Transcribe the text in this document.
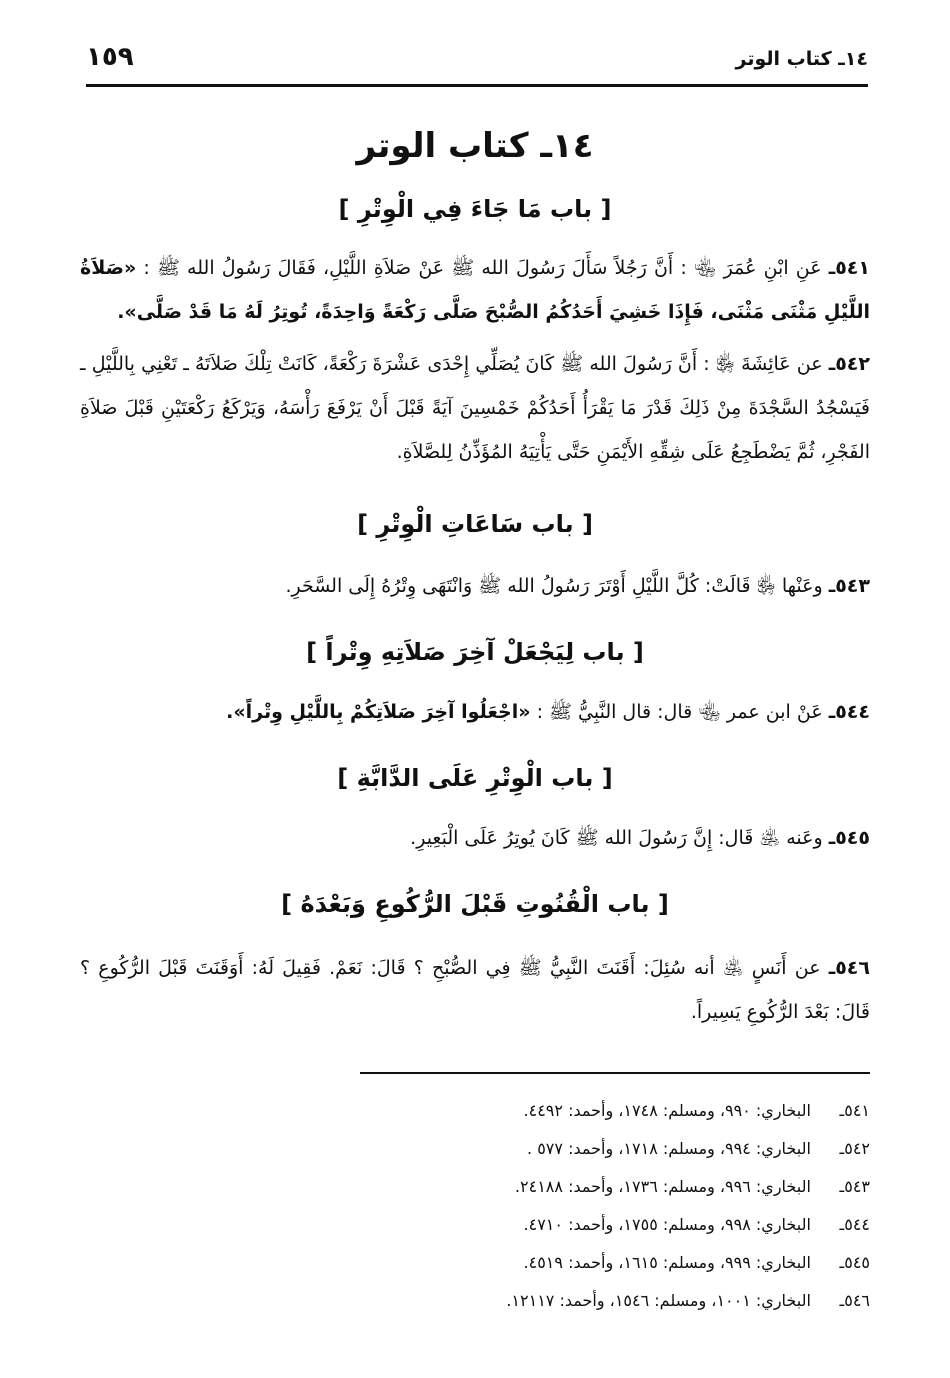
١٤ـ كتاب الوتر
١٥٩
١٤ـ كتاب الوتر
[ باب مَا جَاءَ فِي الْوِتْرِ ]

٥٤١ـ عَنِ ابْنِ عُمَرَ ﵄ : أَنَّ رَجُلاً سَأَلَ رَسُولَ الله ﷺ عَنْ صَلاَةِ اللَّيْلِ، فَقَالَ رَسُولُ الله ﷺ : «صَلاَةُ اللَّيْلِ مَثْنَى مَثْنَى، فَإِذَا خَشِيَ أَحَدُكُمُ الصُّبْحَ صَلَّى رَكْعَةً وَاحِدَةً، تُوتِرُ لَهُ مَا قَدْ صَلَّى».

٥٤٢ـ عن عَائِشَةَ ﵂ : أَنَّ رَسُولَ الله ﷺ كَانَ يُصَلِّي إِحْدَى عَشْرَةَ رَكْعَةً، كَانَتْ تِلْكَ صَلاَتَهُ ـ تَعْنِي بِاللَّيْلِ ـ فَيَسْجُدُ السَّجْدَةَ مِنْ ذَلِكَ قَدْرَ مَا يَقْرَأُ أَحَدُكُمْ خَمْسِينَ آيَةً قَبْلَ أَنْ يَرْفَعَ رَأْسَهُ، وَيَرْكَعُ رَكْعَتَيْنِ قَبْلَ صَلاَةِ الفَجْرِ، ثُمَّ يَضْطَجِعُ عَلَى شِقِّهِ الأَيْمَنِ حَتَّى يَأْتِيَهُ المُؤَذِّنُ لِلصَّلاَةِ.

[ باب سَاعَاتِ الْوِتْرِ ]

٥٤٣ـ وعَنْها ﵂ قَالَتْ: كُلَّ اللَّيْلِ أَوْتَرَ رَسُولُ الله ﷺ وَانْتَهَى وِتْرُهُ إِلَى السَّحَرِ.

[ باب لِيَجْعَلْ آخِرَ صَلاَتِهِ وِتْراً ]

٥٤٤ـ عَنْ ابن عمر ﵄ قال: قال النَّبِيُّ ﷺ : «اجْعَلُوا آخِرَ صَلاَتِكُمْ بِاللَّيْلِ وِتْراً».

[ باب الْوِتْرِ عَلَى الدَّابَّةِ ]

٥٤٥ـ وعَنه ﵁ قَال: إِنَّ رَسُولَ الله ﷺ كَانَ يُوتِرُ عَلَى الْبَعِيرِ.

[ باب الْقُنُوتِ قَبْلَ الرُّكُوعِ وَبَعْدَهُ ]

٥٤٦ـ عن أَنَسٍ ﵁ أنه سُئِلَ: أَقَنَتَ النَّبِيُّ ﷺ فِي الصُّبْحِ ؟ قَالَ: نَعَمْ. فَقِيلَ لَهُ: أَوَقَنَتَ قَبْلَ الرُّكُوعِ ؟ قَالَ: بَعْدَ الرُّكُوعِ يَسِيراً.

٥٤١ـ البخاري: ٩٩٠، ومسلم: ١٧٤٨، وأحمد: ٤٤٩٢.
٥٤٢ـ البخاري: ٩٩٤، ومسلم: ١٧١٨، وأحمد: ٥٧٧ .
٥٤٣ـ البخاري: ٩٩٦، ومسلم: ١٧٣٦، وأحمد: ٢٤١٨٨.
٥٤٤ـ البخاري: ٩٩٨، ومسلم: ١٧٥٥، وأحمد: ٤٧١٠.
٥٤٥ـ البخاري: ٩٩٩، ومسلم: ١٦١٥، وأحمد: ٤٥١٩.
٥٤٦ـ البخاري: ١٠٠١، ومسلم: ١٥٤٦، وأحمد: ١٢١١٧.
